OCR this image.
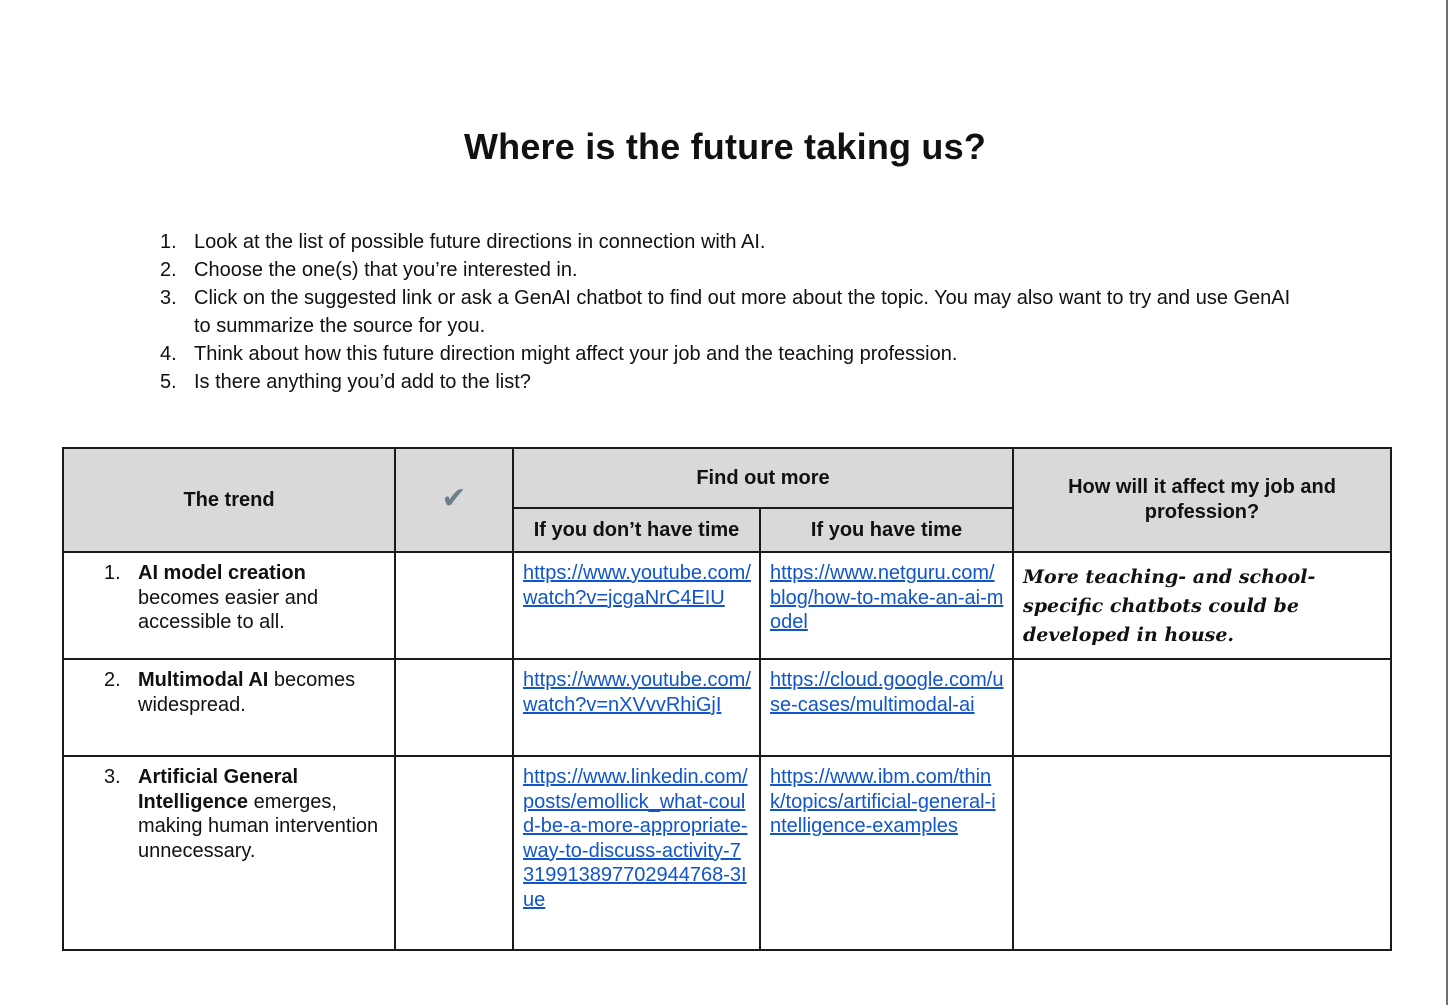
Where is the future taking us?
1. Look at the list of possible future directions in connection with AI.
2. Choose the one(s) that you’re interested in.
3. Click on the suggested link or ask a GenAI chatbot to find out more about the topic. You may also want to try and use GenAI to summarize the source for you.
4. Think about how this future direction might affect your job and the teaching profession.
5. Is there anything you’d add to the list?
The trend	✔	Find out more		How will it affect my job and profession?
		If you don’t have time	If you have time	

1. AI model creation becomes easier and accessible to all.		https://www.youtube.com/watch?v=jcgaNrC4EIU	https://www.netguru.com/blog/how-to-make-an-ai-model	More teaching- and school-specific chatbots could be developed in house.

2. Multimodal AI becomes widespread.		https://www.youtube.com/watch?v=nXVvvRhiGjI	https://cloud.google.com/use-cases/multimodal-ai	

3. Artificial General Intelligence emerges, making human intervention unnecessary.		https://www.linkedin.com/posts/emollick_what-could-be-a-more-appropriate-way-to-discuss-activity-7319913897702944768-3Iue	https://www.ibm.com/think/topics/artificial-general-intelligence-examples	
